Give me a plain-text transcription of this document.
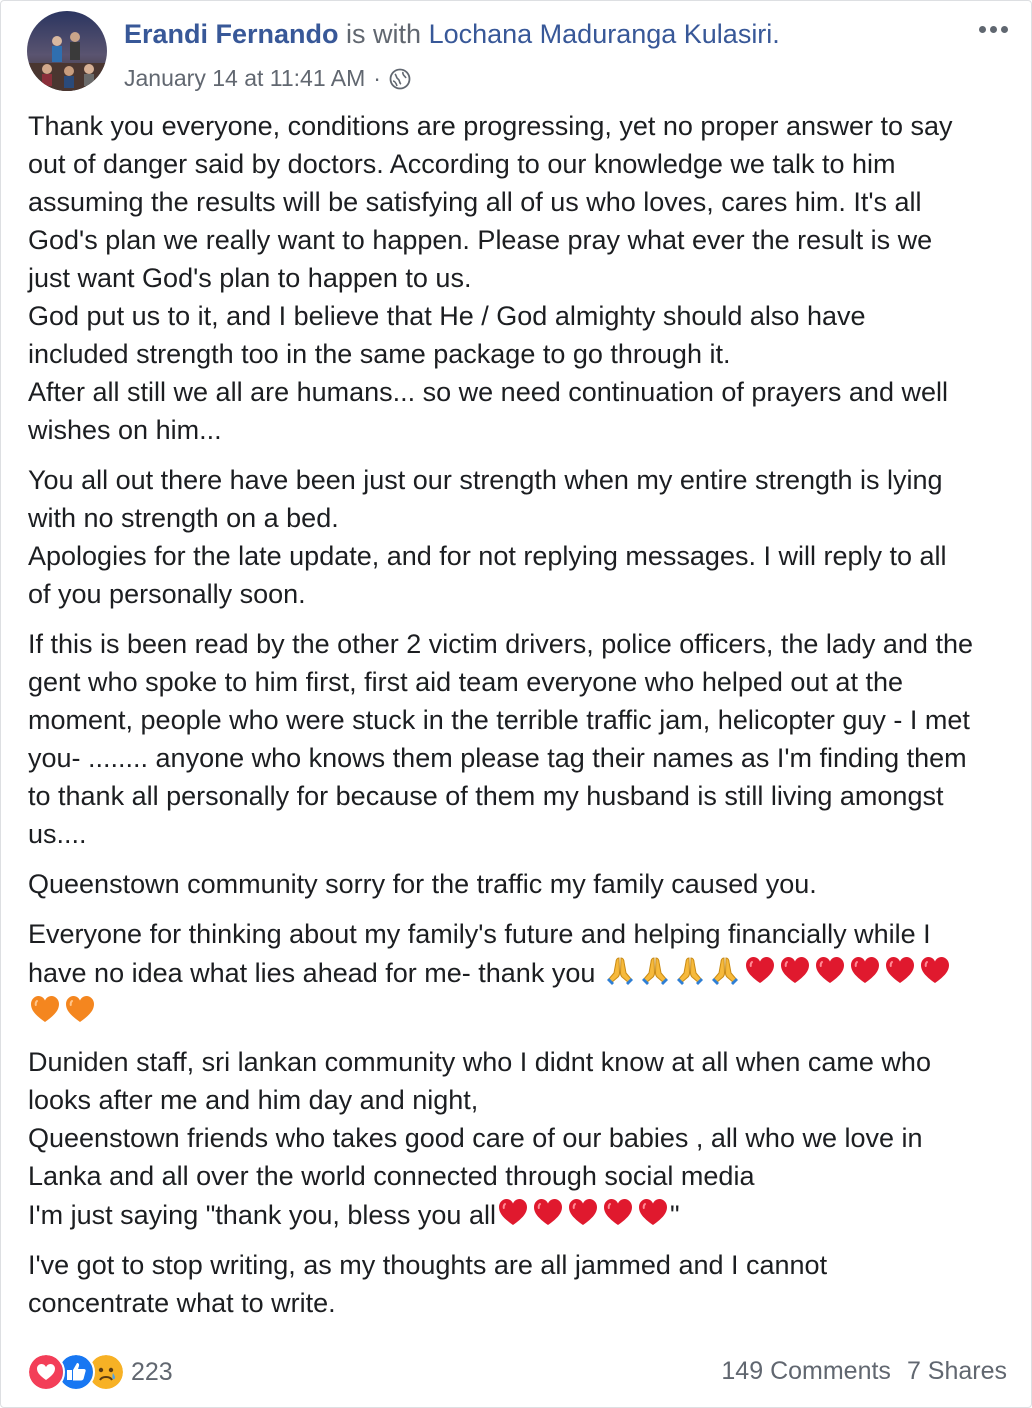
Erandi Fernando is with Lochana Maduranga Kulasiri.
January 14 at 11:41 AM ·
Thank you everyone, conditions are progressing, yet no proper answer to say
out of danger said by doctors. According to our knowledge we talk to him
assuming the results will be satisfying all of us who loves, cares him. It's all
God's plan we really want to happen. Please pray what ever the result is we
just want God's plan to happen to us.
God put us to it, and I believe that He / God almighty should also have
included strength too in the same package to go through it.
After all still we all are humans... so we need continuation of prayers and well
wishes on him...
You all out there have been just our strength when my entire strength is lying
with no strength on a bed.
Apologies for the late update, and for not replying messages. I will reply to all
of you personally soon.
If this is been read by the other 2 victim drivers, police officers, the lady and the
gent who spoke to him first, first aid team everyone who helped out at the
moment, people who were stuck in the terrible traffic jam, helicopter guy - I met
you- ........ anyone who knows them please tag their names as I'm finding them
to thank all personally for because of them my husband is still living amongst
us....
Queenstown community sorry for the traffic my family caused you.
Everyone for thinking about my family's future and helping financially while I
have no idea what lies ahead for me- thank you
Duniden staff, sri lankan community who I didnt know at all when came who
looks after me and him day and night,
Queenstown friends who takes good care of our babies , all who we love in
Lanka and all over the world connected through social media
I'm just saying "thank you, bless you all	"
I've got to stop writing, as my thoughts are all jammed and I cannot
concentrate what to write.
223	149 Comments 7 Shares
